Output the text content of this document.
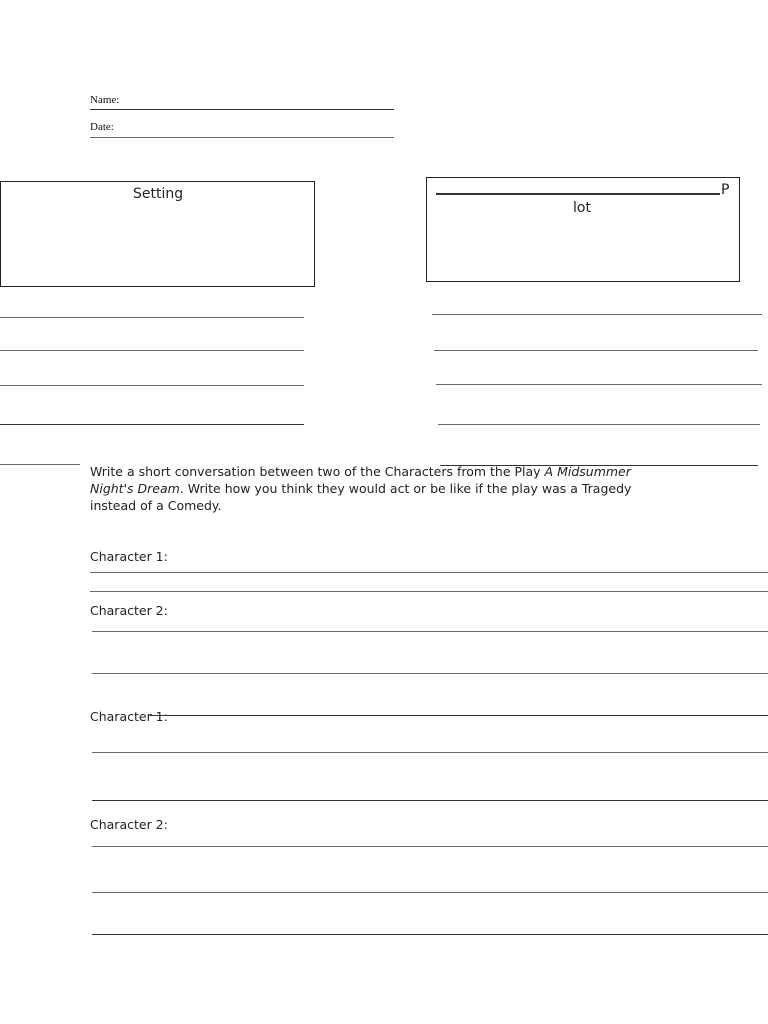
Name:
Date:
Setting	P
lot
Write a short conversation between two of the Characters from the Play A Midsummer Night's Dream. Write how you think they would act or be like if the play was a Tragedy instead of a Comedy.
Character 1:
Character 2:
Character 1:
Character 2:
